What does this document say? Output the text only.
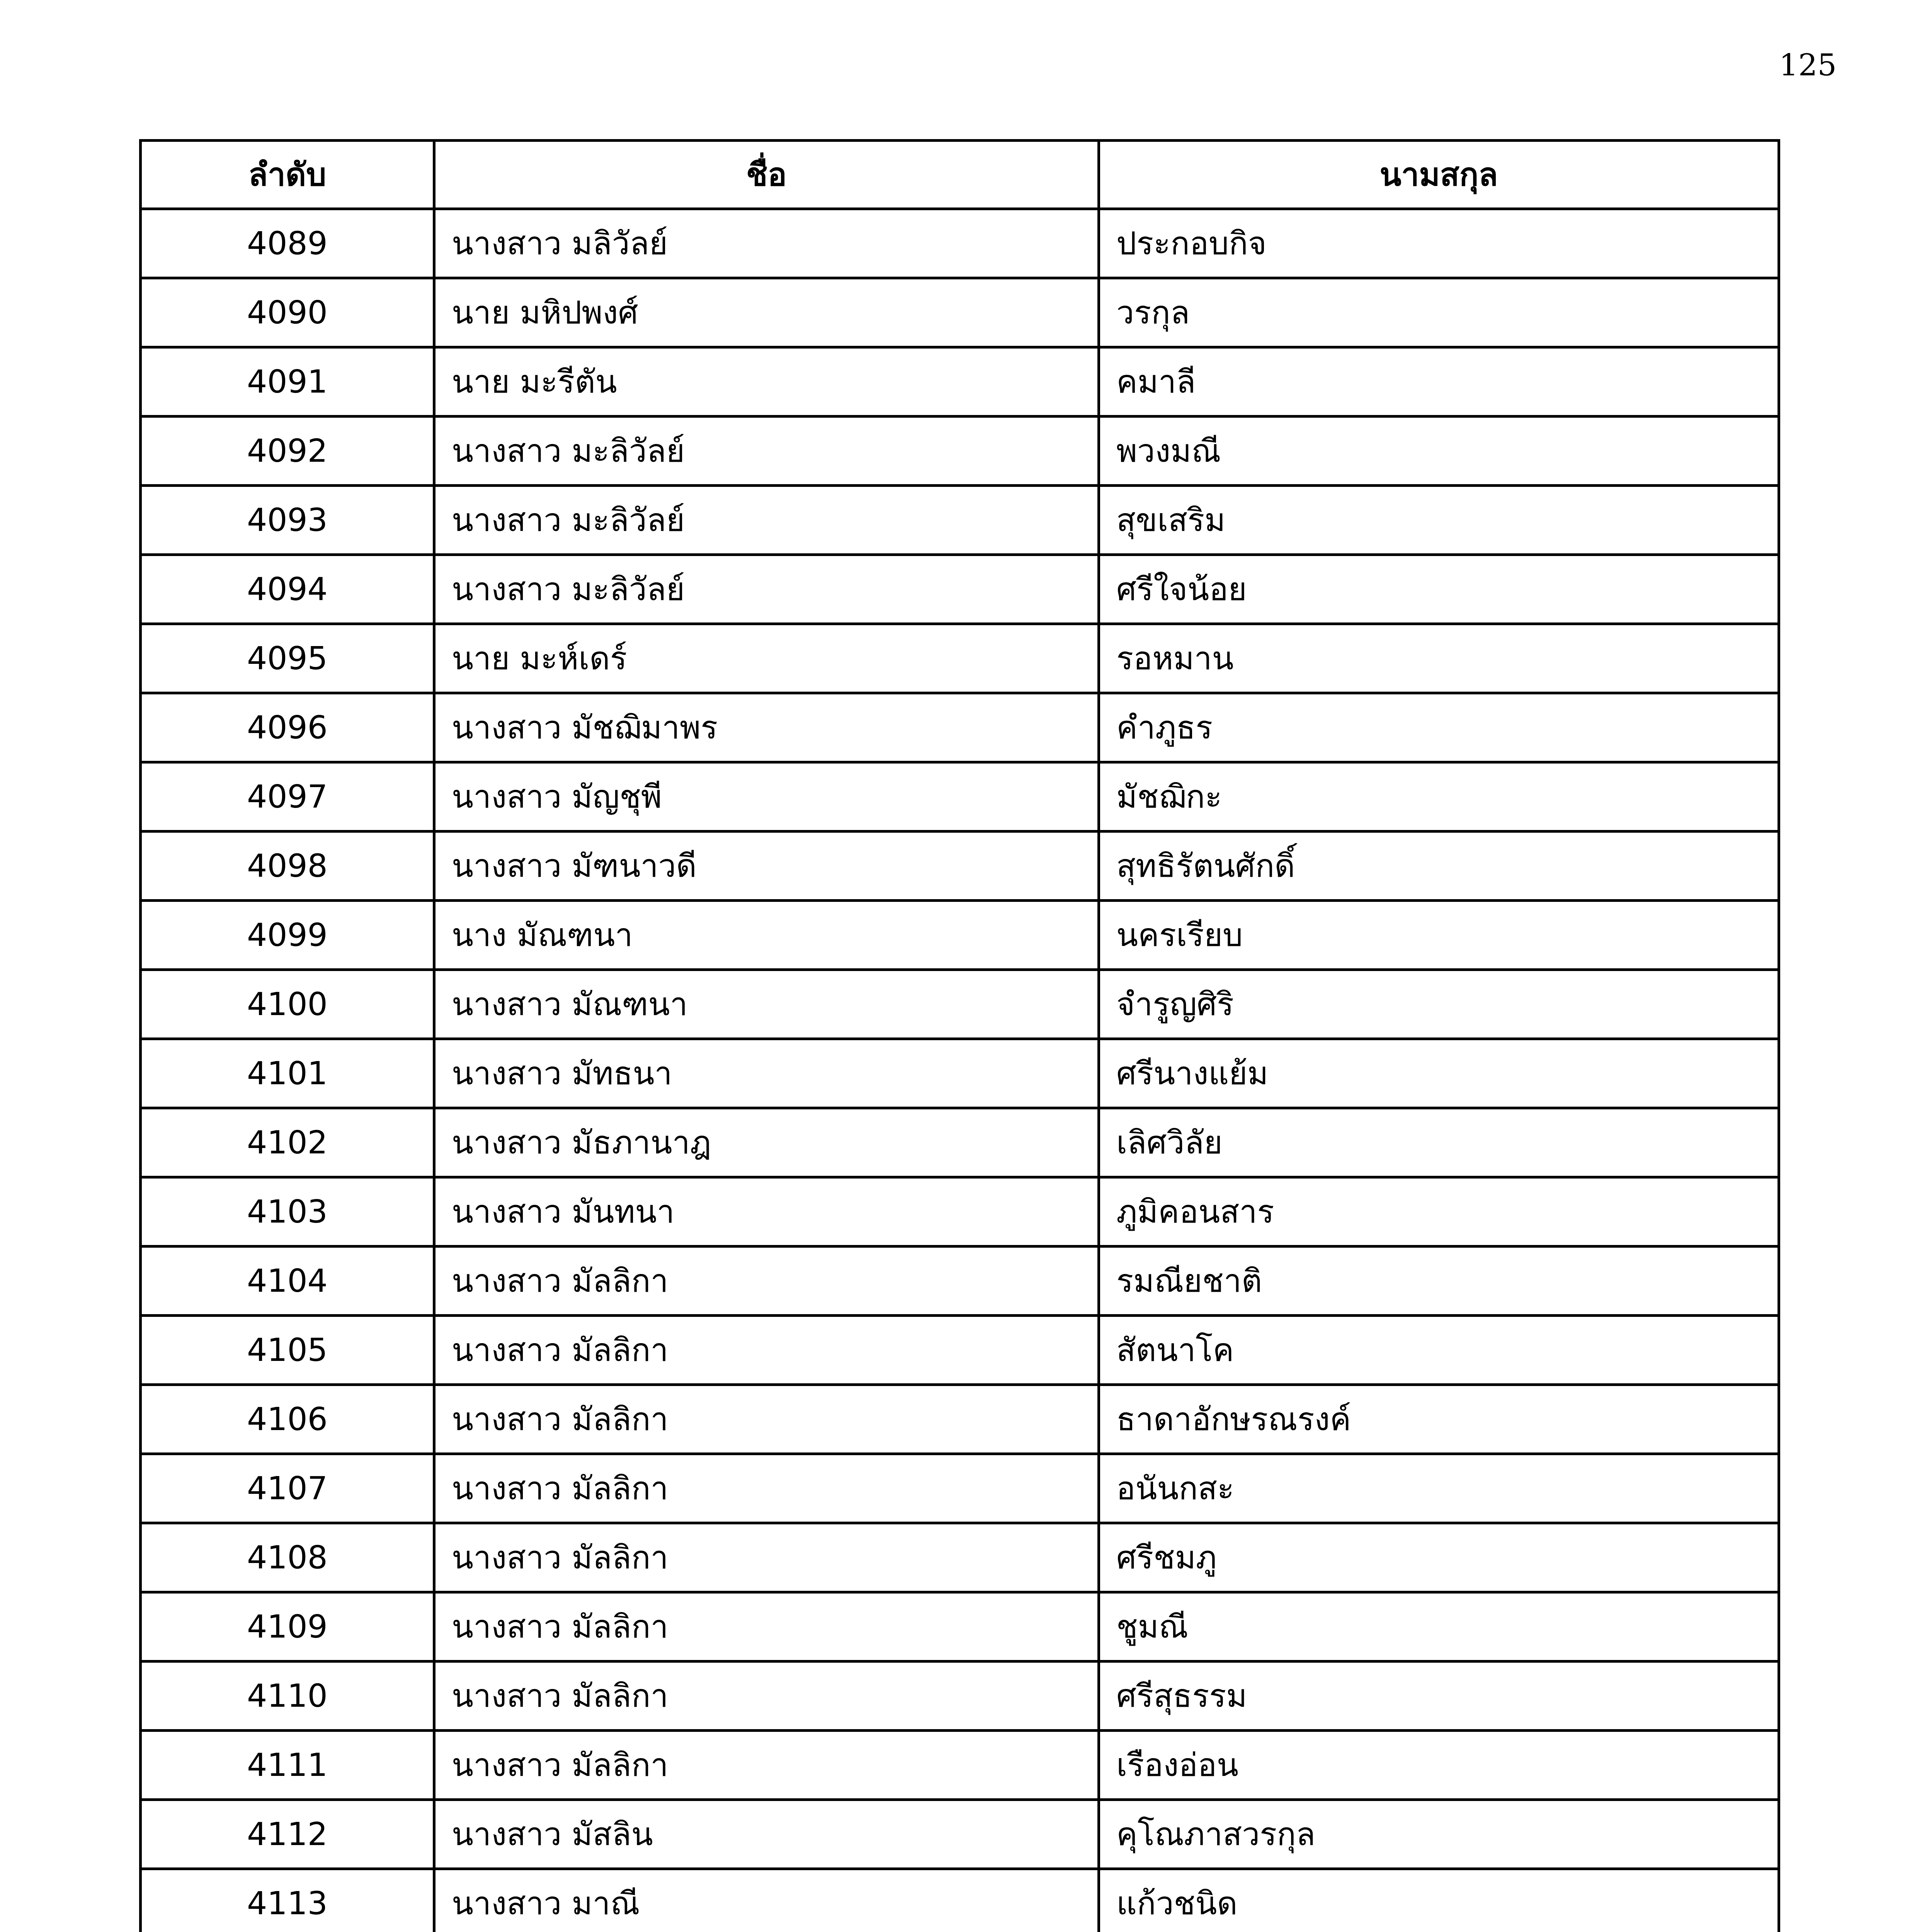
125
ลำดับ	ชื่อ	นามสกุล
4089	นางสาว มลิวัลย์	ประกอบกิจ
4090	นาย มหิปพงศ์	วรกุล
4091	นาย มะรีตัน	คมาลี
4092	นางสาว มะลิวัลย์	พวงมณี
4093	นางสาว มะลิวัลย์	สุขเสริม
4094	นางสาว มะลิวัลย์	ศรีใจน้อย
4095	นาย มะห์เดร์	รอหมาน
4096	นางสาว มัชฌิมาพร	คำภูธร
4097	นางสาว มัญชุพี	มัชฌิกะ
4098	นางสาว มัฑนาวดี	สุทธิรัตนศักดิ์
4099	นาง มัณฑนา	นครเรียบ
4100	นางสาว มัณฑนา	จำรูญศิริ
4101	นางสาว มัทธนา	ศรีนางแย้ม
4102	นางสาว มัธภานาฎ	เลิศวิลัย
4103	นางสาว มันทนา	ภูมิคอนสาร
4104	นางสาว มัลลิกา	รมณียชาติ
4105	นางสาว มัลลิกา	สัตนาโค
4106	นางสาว มัลลิกา	ธาดาอักษรณรงค์
4107	นางสาว มัลลิกา	อนันกสะ
4108	นางสาว มัลลิกา	ศรีชมภู
4109	นางสาว มัลลิกา	ชูมณี
4110	นางสาว มัลลิกา	ศรีสุธรรม
4111	นางสาว มัลลิกา	เรืองอ่อน
4112	นางสาว มัสลิน	คุโณภาสวรกุล
4113	นางสาว มาณี	แก้วชนิด
